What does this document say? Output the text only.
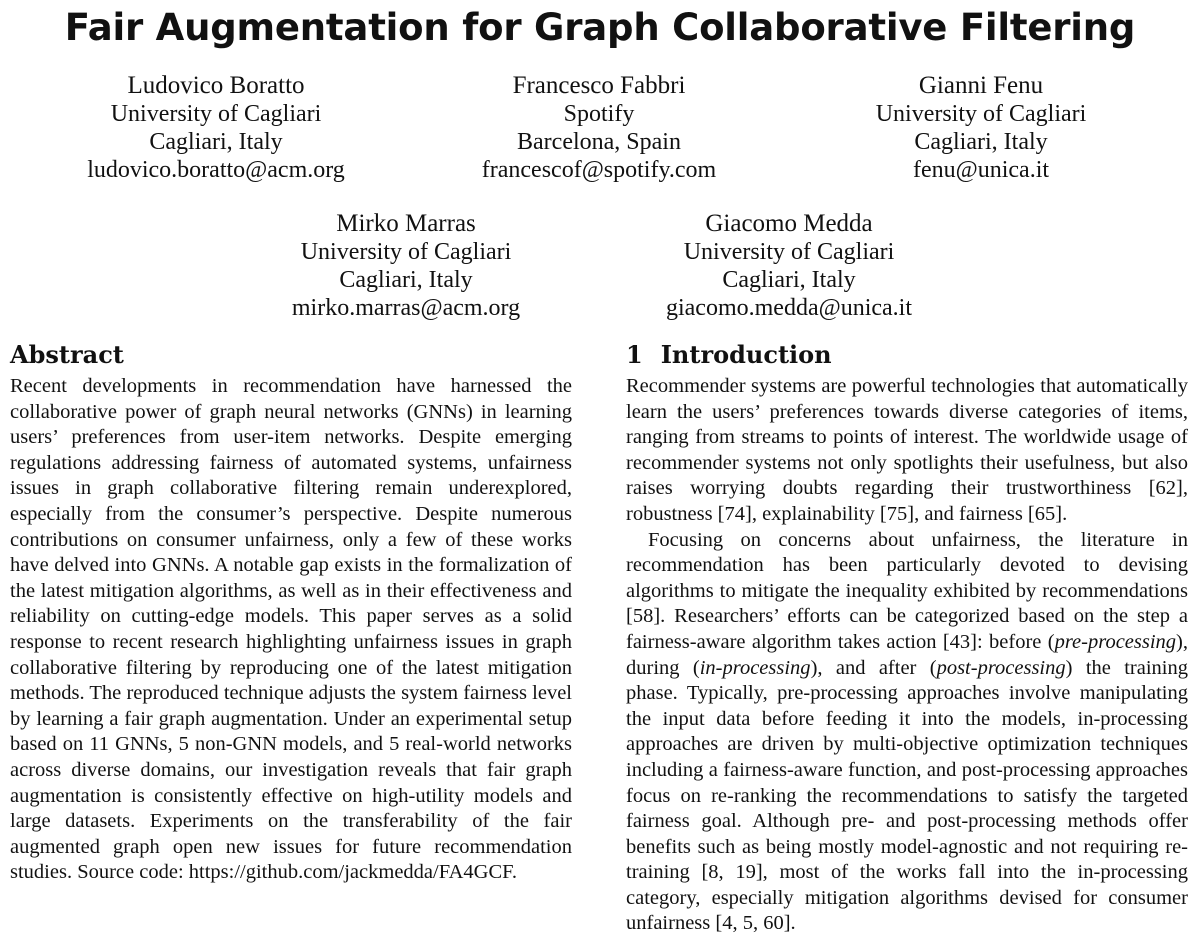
Fair Augmentation for Graph Collaborative Filtering
Ludovico Boratto
University of Cagliari
Cagliari, Italy
ludovico.boratto@acm.org
Francesco Fabbri
Spotify
Barcelona, Spain
francescof@spotify.com
Gianni Fenu
University of Cagliari
Cagliari, Italy
fenu@unica.it
Mirko Marras
University of Cagliari
Cagliari, Italy
mirko.marras@acm.org
Giacomo Medda
University of Cagliari
Cagliari, Italy
giacomo.medda@unica.it
Abstract

Recent developments in recommendation have harnessed the collaborative power of graph neural networks (GNNs) in learning users’ preferences from user-item networks. Despite emerging regulations addressing fairness of automated systems, unfairness issues in graph collaborative filtering remain underexplored, especially from the consumer’s perspective. Despite numerous contributions on consumer unfairness, only a few of these works have delved into GNNs. A notable gap exists in the formalization of the latest mitigation algorithms, as well as in their effectiveness and reliability on cutting-edge models. This paper serves as a solid response to recent research highlighting unfairness issues in graph collaborative filtering by reproducing one of the latest mitigation methods. The reproduced technique adjusts the system fairness level by learning a fair graph augmentation. Under an experimental setup based on 11 GNNs, 5 non-GNN models, and 5 real-world networks across diverse domains, our investigation reveals that fair graph augmentation is consistently effective on high-utility models and large datasets. Experiments on the transferability of the fair augmented graph open new issues for future recommendation studies. Source code: https://github.com/jackmedda/FA4GCF.

1 Introduction

Recommender systems are powerful technologies that automatically learn the users’ preferences towards diverse categories of items, ranging from streams to points of interest. The worldwide usage of recommender systems not only spotlights their usefulness, but also raises worrying doubts regarding their trustworthiness [62], robustness [74], explainability [75], and fairness [65].

Focusing on concerns about unfairness, the literature in recommendation has been particularly devoted to devising algorithms to mitigate the inequality exhibited by recommendations [58]. Researchers’ efforts can be categorized based on the step a fairness-aware algorithm takes action [43]: before (pre-processing), during (in-processing), and after (post-processing) the training phase. Typically, pre-processing approaches involve manipulating the input data before feeding it into the models, in-processing approaches are driven by multi-objective optimization techniques including a fairness-aware function, and post-processing approaches focus on re-ranking the recommendations to satisfy the targeted fairness goal. Although pre- and post-processing methods offer benefits such as being mostly model-agnostic and not requiring re-training [8, 19], most of the works fall into the in-processing category, especially mitigation algorithms devised for consumer unfairness [4, 5, 60].
